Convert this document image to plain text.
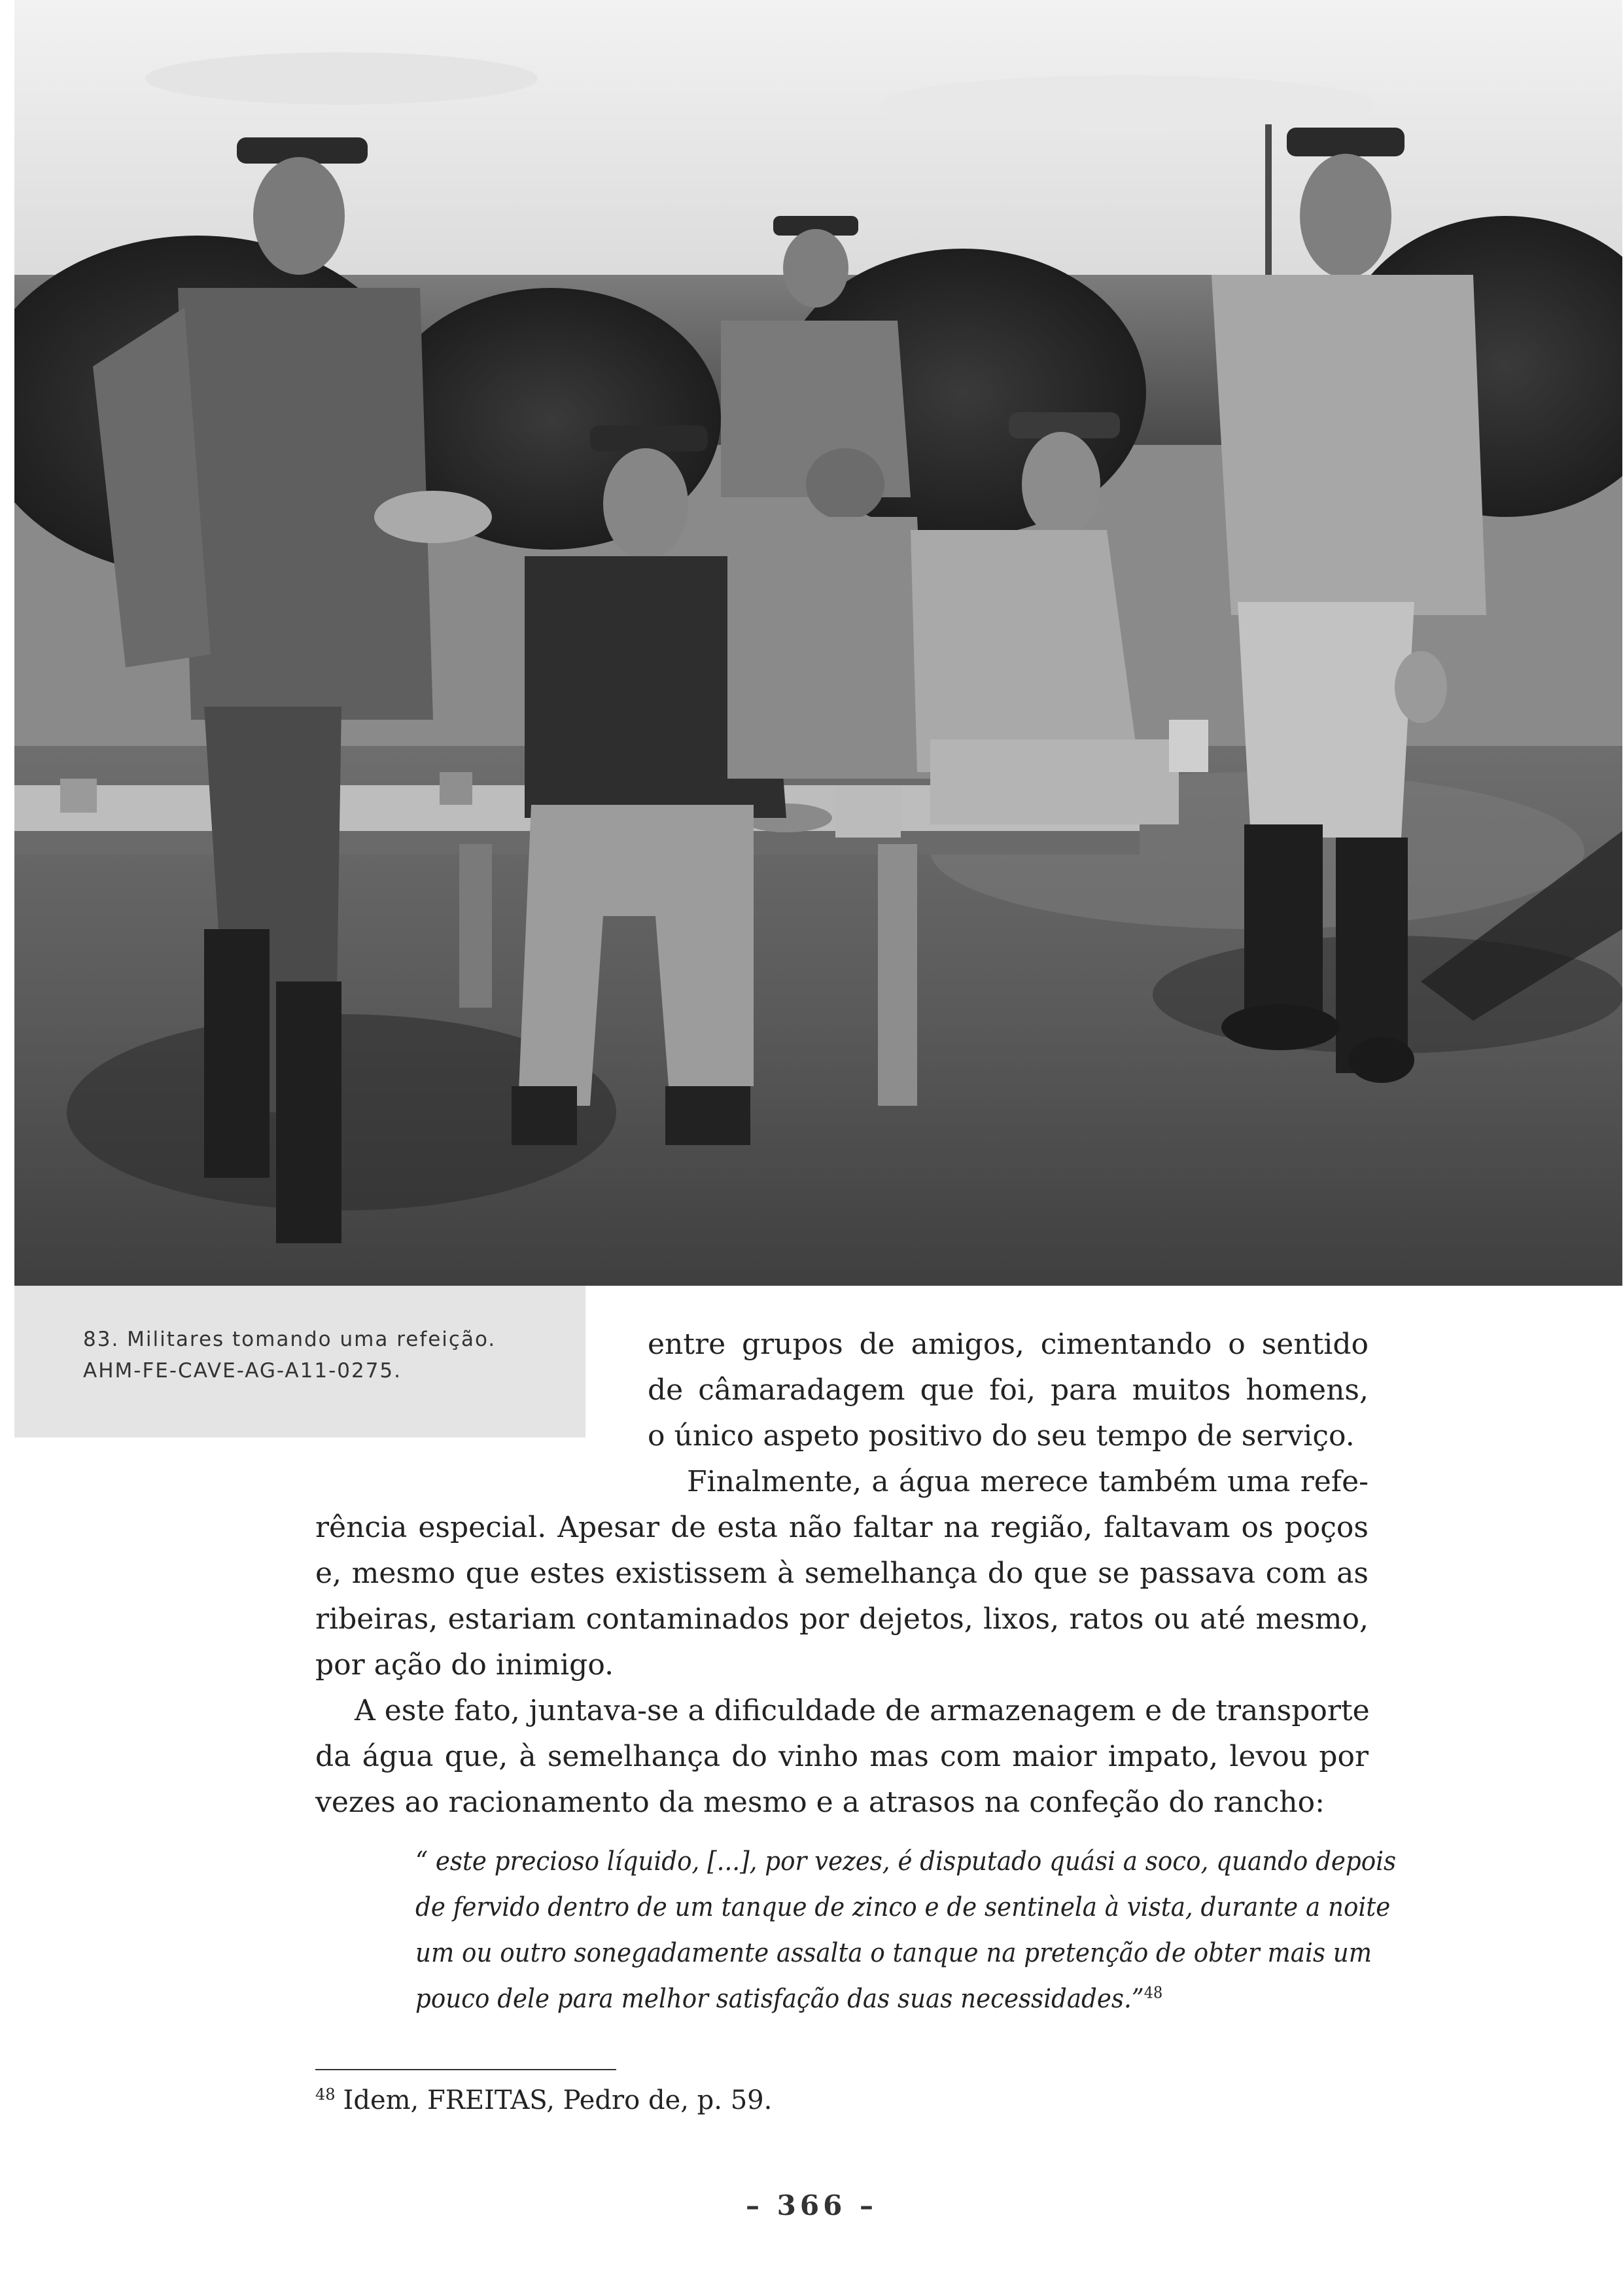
83. Militares tomando uma refeição.
AHM-FE-CAVE-AG-A11-0275.
entre grupos de amigos, cimentando o sentido
de câmaradagem que foi, para muitos homens,
o único aspeto positivo do seu tempo de serviço.
Finalmente, a água merece também uma refe-
rência especial. Apesar de esta não faltar na região, faltavam os poços
e, mesmo que estes existissem à semelhança do que se passava com as
ribeiras, estariam contaminados por dejetos, lixos, ratos ou até mesmo,
por ação do inimigo.
A este fato, juntava-se a dificuldade de armazenagem e de transporte
da água que, à semelhança do vinho mas com maior impato, levou por
vezes ao racionamento da mesmo e a atrasos na confeção do rancho:
“ este precioso líquido, [...], por vezes, é disputado quási a soco, quando depois
de fervido dentro de um tanque de zinco e de sentinela à vista, durante a noite
um ou outro sonegadamente assalta o tanque na pretenção de obter mais um
pouco dele para melhor satisfação das suas necessidades.”$^{48}$
$^{48}$ Idem, FREITAS, Pedro de, p. 59.
– 366 –
